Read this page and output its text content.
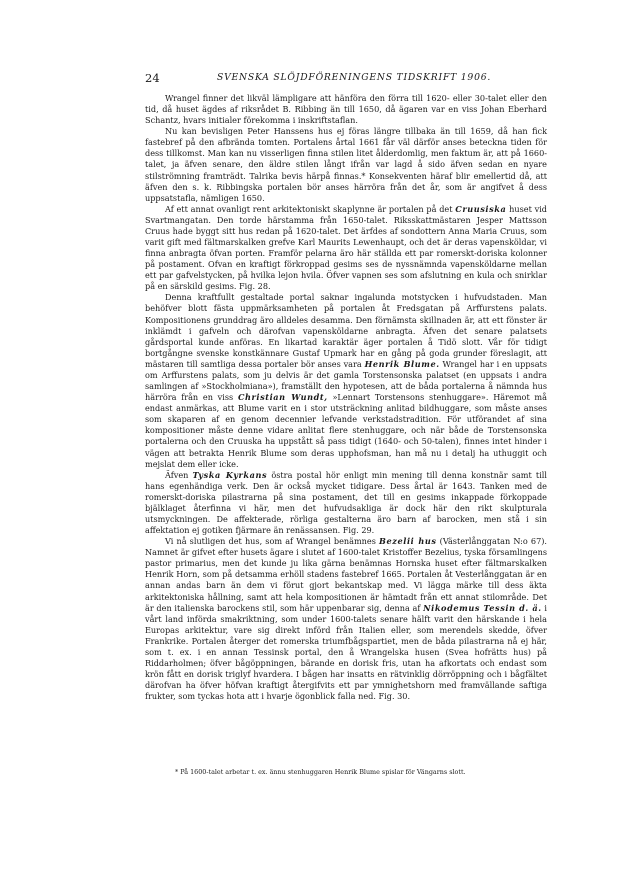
24	SVENSKA SLÖJDFÖRENINGENS TIDSKRIFT 1906.

Wrangel finner det likväl lämpligare att hänföra den förra till 1620- eller 30-talet eller den tid, då huset ägdes af riksrådet B. Ribbing än till 1650, då ägaren var en viss Johan Eberhard Schantz, hvars initialer förekomma i inskriftstaflan.

Nu kan bevisligen Peter Hanssens hus ej föras längre tillbaka än till 1659, då han fick fastebref på den afbrända tomten. Portalens årtal 1661 får väl därför anses beteckna tiden för dess tillkomst. Man kan nu visserligen finna stilen litet ålderdomlig, men faktum är, att på 1660-talet, ja äfven senare, den äldre stilen långt ifrån var lagd å sido äfven sedan en nyare stilströmning framträdt. Talrika bevis härpå finnas.* Konsekventen häraf blir emellertid då, att äfven den s. k. Ribbingska portalen bör anses härröra från det år, som är angifvet å dess uppsatstafla, nämligen 1650.

Af ett annat ovanligt rent arkitektoniskt skaplynne är portalen på det Cruusiska huset vid Svartmangatan. Den torde härstamma från 1650-talet. Riksskattmästaren Jesper Mattsson Cruus hade byggt sitt hus redan på 1620-talet. Det ärfdes af sondottern Anna Maria Cruus, som varit gift med fältmarskalken grefve Karl Maurits Lewenhaupt, och det är deras vapensköldar, vi finna anbragta öfvan porten. Framför pelarna äro här ställda ett par romerskt-doriska kolonner på postament. Ofvan en kraftigt förkroppad gesims ses de nyssnämnda vapensköldarne mellan ett par gafvelstycken, på hvilka lejon hvila. Öfver vapnen ses som afslutning en kula och snirklar på en särskild gesims. Fig. 28.

Denna kraftfullt gestaltade portal saknar ingalunda motstycken i hufvudstaden. Man behöfver blott fästa uppmärksamheten på portalen åt Fredsgatan på Arffurstens palats. Kompositionens grunddrag äro alldeles desamma. Den förnämsta skillnaden är, att ett fönster är inklämdt i gafveln och därofvan vapensköldarne anbragta. Äfven det senare palatsets gårdsportal kunde anföras. En likartad karaktär äger portalen å Tidö slott. Vår för tidigt bortgångne svenske konstkännare Gustaf Upmark har en gång på goda grunder föreslagit, att mästaren till samtliga dessa portaler bör anses vara Henrik Blume. Wrangel har i en uppsats om Arffurstens palats, som ju delvis är det gamla Torstensonska palatset (en uppsats i andra samlingen af »Stockholmiana»), framställt den hypotesen, att de båda portalerna å nämnda hus härröra från en viss Christian Wundt, »Lennart Torstensons stenhuggare». Häremot må endast anmärkas, att Blume varit en i stor utsträckning anlitad bildhuggare, som måste anses som skaparen af en genom decennier lefvande verkstadstradition. För utförandet af sina kompositioner måste denne vidare anlitat flere stenhuggare, och när både de Torstensonska portalerna och den Cruuska ha uppstått så pass tidigt (1640- och 50-talen), finnes intet hinder i vägen att betrakta Henrik Blume som deras upphofsman, han må nu i detalj ha uthuggit och mejslat dem eller icke.

Äfven Tyska Kyrkans östra postal hör enligt min mening till denna konstnär samt till hans egenhändiga verk. Den är också mycket tidigare. Dess årtal är 1643. Tanken med de romerskt-doriska pilastrarna på sina postament, det till en gesims inkappade förkoppade bjälklaget återfinna vi här, men det hufvudsakliga är dock här den rikt skulpturala utsmyckningen. De affekterade, rörliga gestalterna äro barn af barocken, men stå i sin affektation ej gotiken fjärmare än renässansen. Fig. 29.

Vi nå slutligen det hus, som af Wrangel benämnes Bezelii hus (Västerlånggatan N:o 67). Namnet är gifvet efter husets ägare i slutet af 1600-talet Kristoffer Bezelius, tyska församlingens pastor primarius, men det kunde ju lika gärna benämnas Hornska huset efter fältmarskalken Henrik Horn, som på detsamma erhöll stadens fastebref 1665. Portalen åt Vesterlånggatan är en annan andas barn än dem vi förut gjort bekantskap med. Vi lägga märke till dess äkta arkitektoniska hållning, samt att hela kompositionen är hämtadt från ett annat stilområde. Det är den italienska barockens stil, som här uppenbarar sig, denna af Nikodemus Tessin d. ä. i vårt land införda smakriktning, som under 1600-talets senare hälft varit den härskande i hela Europas arkitektur, vare sig direkt införd från Italien eller, som merendels skedde, öfver Frankrike. Portalen återger det romerska triumfbågspartiet, men de båda pilastrarna nå ej här, som t. ex. i en annan Tessinsk portal, den å Wrangelska husen (Svea hofrätts hus) på Riddarholmen; öfver bågöppningen, bärande en dorisk fris, utan ha afkortats och endast som krön fått en dorisk triglyf hvardera. I bågen har insatts en rätvinklig dörröppning och i bågfältet därofvan ha öfver höfvan kraftigt återgifvits ett par ymnighetshorn med framvällande saftiga frukter, som tyckas hota att i hvarje ögonblick falla ned. Fig. 30.

* På 1600-talet arbetar t. ex. ännu stenhuggaren Henrik Blume spislar för Vängarns slott.
